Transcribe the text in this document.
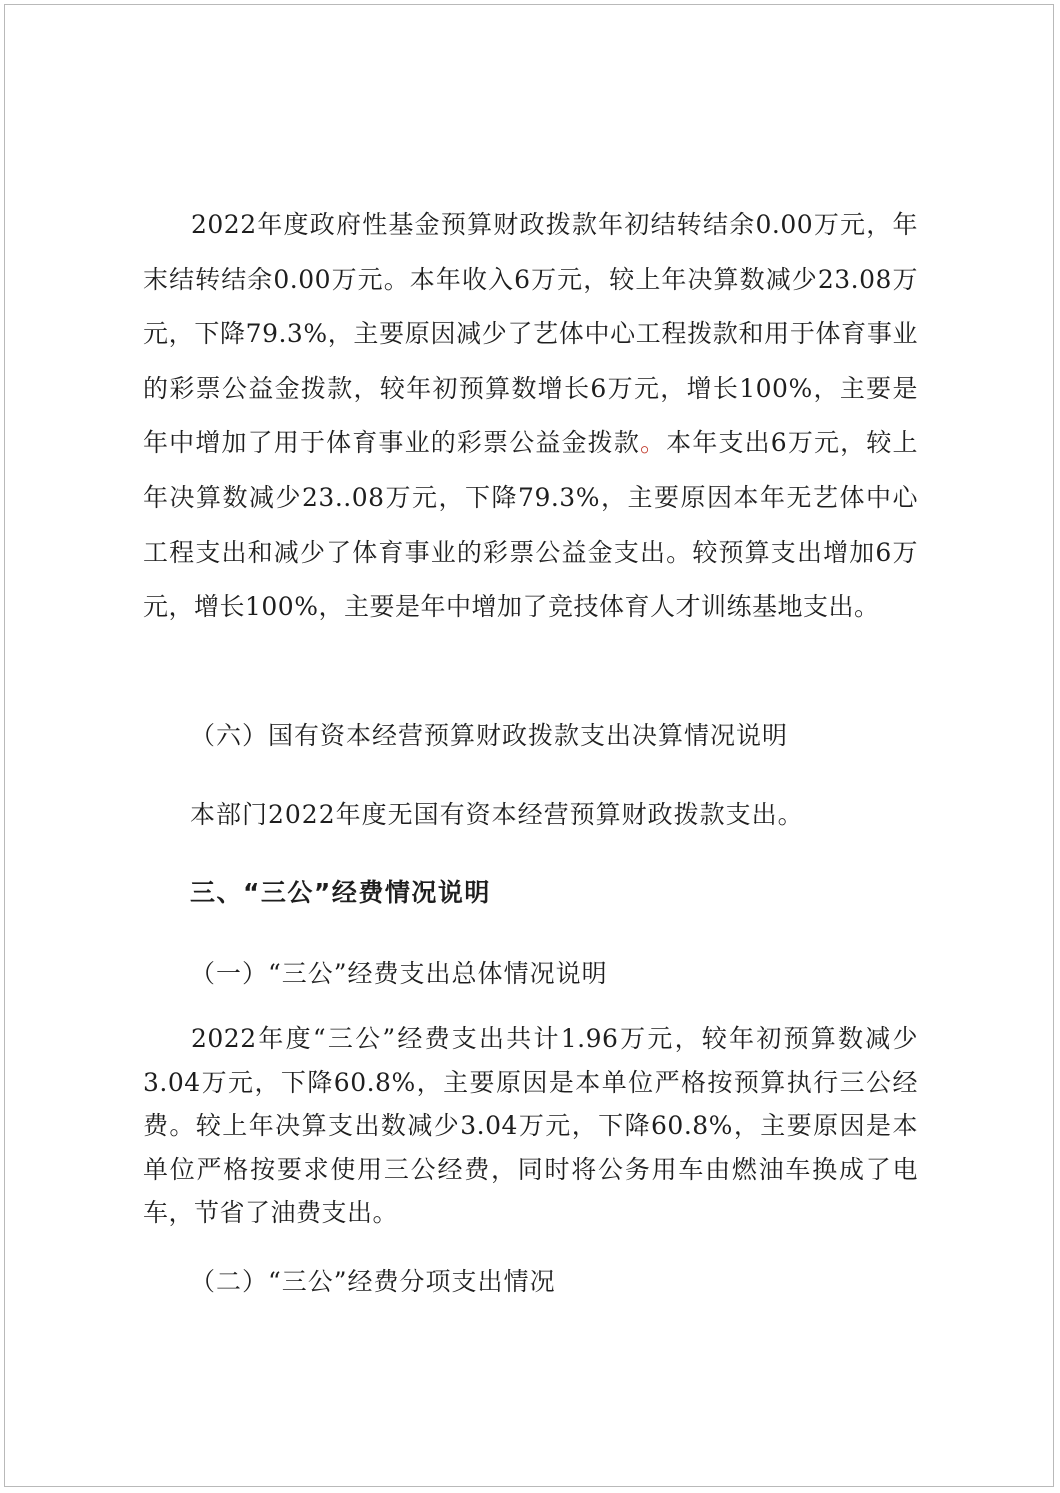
2022年度政府性基金预算财政拨款年初结转结余0.00万元，年末结转结余0.00万元。本年收入6万元，较上年决算数减少23.08万元，下降79.3%，主要原因减少了艺体中心工程拨款和用于体育事业的彩票公益金拨款，较年初预算数增长6万元，增长100%，主要是年中增加了用于体育事业的彩票公益金拨款。本年支出6万元，较上年决算数减少23..08万元，下降79.3%，主要原因本年无艺体中心工程支出和减少了体育事业的彩票公益金支出。较预算支出增加6万元，增长100%，主要是年中增加了竞技体育人才训练基地支出。

（六）国有资本经营预算财政拨款支出决算情况说明

本部门2022年度无国有资本经营预算财政拨款支出。

三、“三公”经费情况说明

（一）“三公”经费支出总体情况说明

2022年度“三公”经费支出共计1.96万元，较年初预算数减少3.04万元，下降60.8%，主要原因是本单位严格按预算执行三公经费。较上年决算支出数减少3.04万元，下降60.8%，主要原因是本单位严格按要求使用三公经费，同时将公务用车由燃油车换成了电车，节省了油费支出。

（二）“三公”经费分项支出情况
